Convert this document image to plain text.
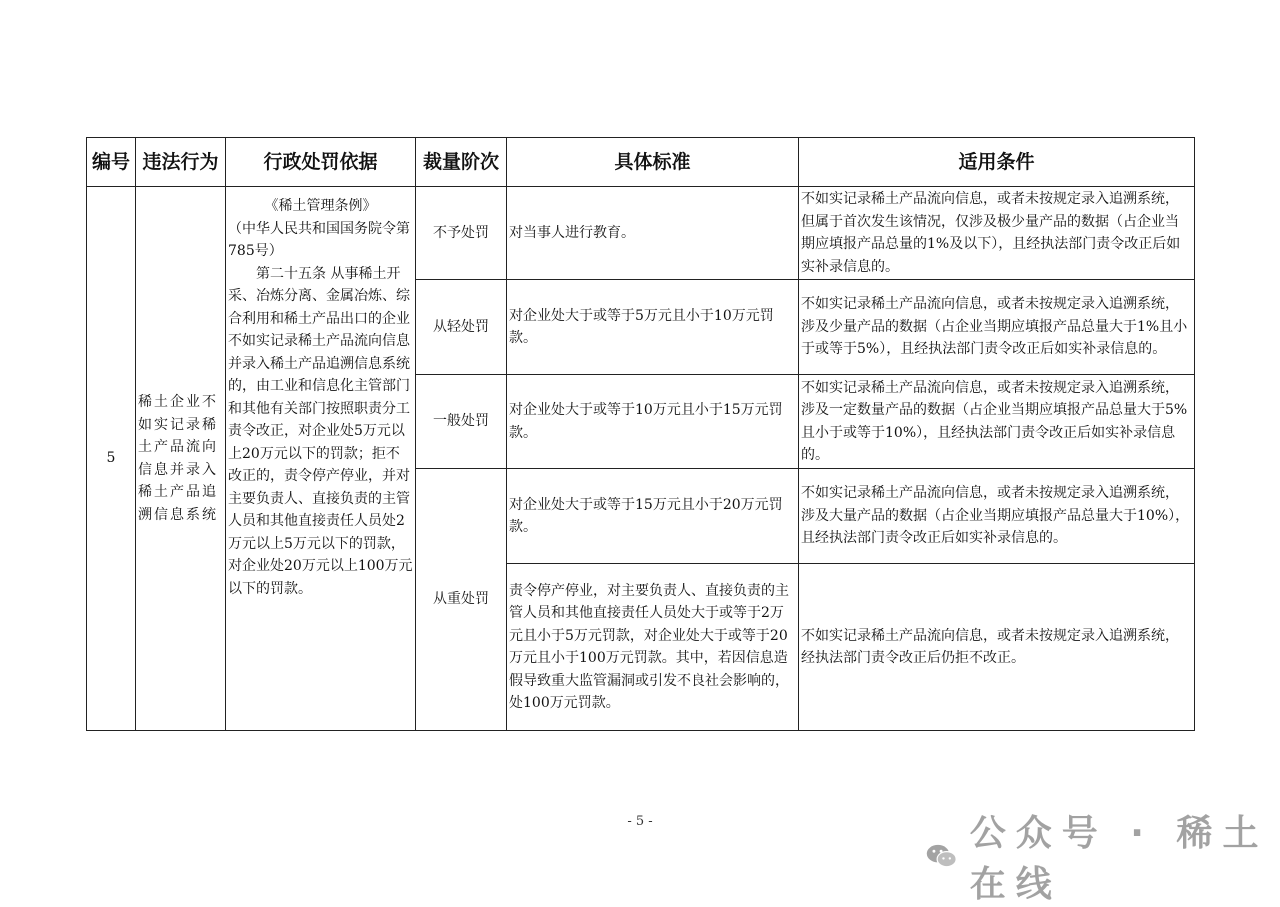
编号	违法行为	行政处罚依据	裁量阶次	具体标准	适用条件
5	稀土企业不如实记录稀土产品流向信息并录入稀土产品追溯信息系统	《稀土管理条例》
（中华人民共和国国务院令第785号）
第二十五条 从事稀土开采、冶炼分离、金属冶炼、综合利用和稀土产品出口的企业不如实记录稀土产品流向信息并录入稀土产品追溯信息系统的，由工业和信息化主管部门和其他有关部门按照职责分工责令改正，对企业处5万元以上20万元以下的罚款；拒不改正的，责令停产停业，并对主要负责人、直接负责的主管人员和其他直接责任人员处2万元以上5万元以下的罚款，对企业处20万元以上100万元以下的罚款。	不予处罚	对当事人进行教育。	不如实记录稀土产品流向信息，或者未按规定录入追溯系统，但属于首次发生该情况，仅涉及极少量产品的数据（占企业当期应填报产品总量的1%及以下），且经执法部门责令改正后如实补录信息的。
			从轻处罚	对企业处大于或等于5万元且小于10万元罚款。	不如实记录稀土产品流向信息，或者未按规定录入追溯系统，涉及少量产品的数据（占企业当期应填报产品总量大于1%且小于或等于5%），且经执法部门责令改正后如实补录信息的。
			一般处罚	对企业处大于或等于10万元且小于15万元罚款。	不如实记录稀土产品流向信息，或者未按规定录入追溯系统，涉及一定数量产品的数据（占企业当期应填报产品总量大于5%且小于或等于10%），且经执法部门责令改正后如实补录信息的。
			从重处罚	对企业处大于或等于15万元且小于20万元罚款。	不如实记录稀土产品流向信息，或者未按规定录入追溯系统，涉及大量产品的数据（占企业当期应填报产品总量大于10%），且经执法部门责令改正后如实补录信息的。
				责令停产停业，对主要负责人、直接负责的主管人员和其他直接责任人员处大于或等于2万元且小于5万元罚款，对企业处大于或等于20万元且小于100万元罚款。其中，若因信息造假导致重大监管漏洞或引发不良社会影响的，处100万元罚款。	不如实记录稀土产品流向信息，或者未按规定录入追溯系统，经执法部门责令改正后仍拒不改正。
- 5 -	公众号 · 稀土在线
